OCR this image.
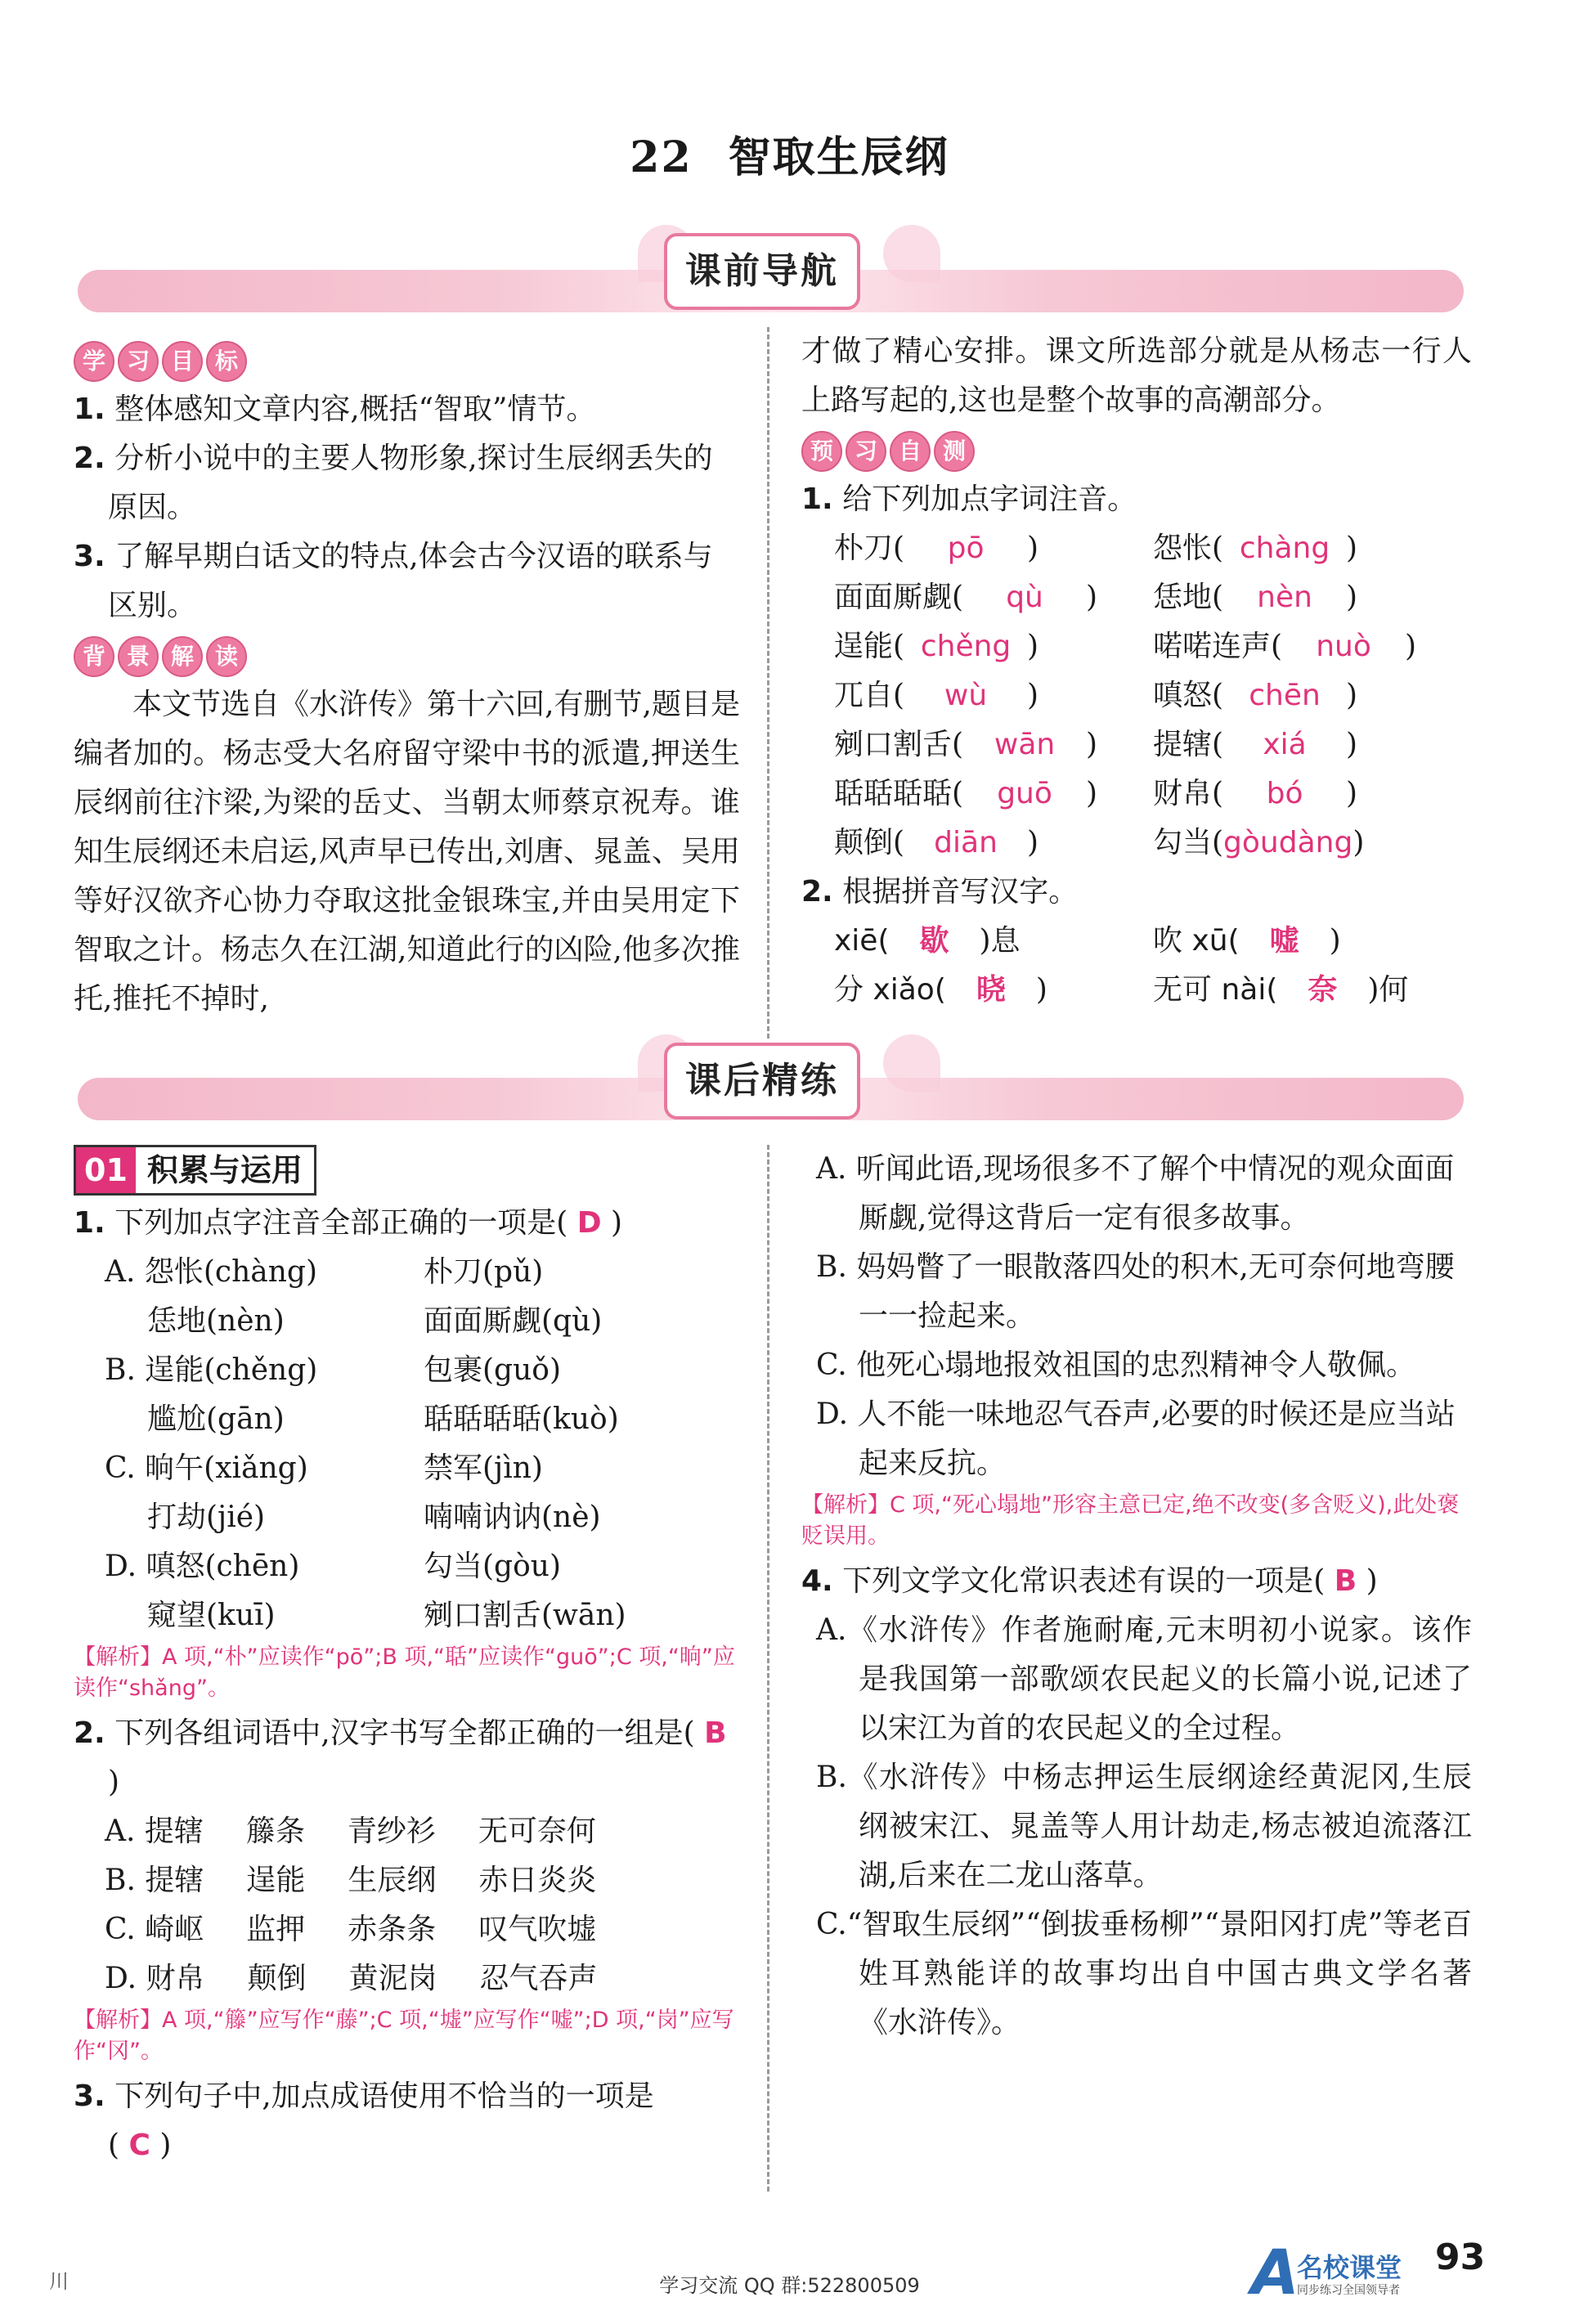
22 智取生辰纲
课前导航
学 习 目 标

1. 整体感知文章内容,概括“智取”情节。

2. 分析小说中的主要人物形象,探讨生辰纲丢失的原因。

3. 了解早期白话文的特点,体会古今汉语的联系与区别。

背 景 解 读

本文节选自《水浒传》第十六回,有删节,题目是编者加的。杨志受大名府留守梁中书的派遣,押送生辰纲前往汴梁,为梁的岳丈、当朝太师蔡京祝寿。谁知生辰纲还未启运,风声早已传出,刘唐、晁盖、吴用等好汉欲齐心协力夺取这批金银珠宝,并由吴用定下智取之计。杨志久在江湖,知道此行的凶险,他多次推托,推托不掉时,

才做了精心安排。课文所选部分就是从杨志一行人上路写起的,这也是整个故事的高潮部分。

预 习 自 测

1. 给下列加点字词注音。

朴刀( pō )	怨怅( chàng )
面面厮觑( qù )	恁地( nèn )
逞能( chěng )	喏喏连声( nuò )
兀自( wù )	嗔怒( chēn )
剜口割舌( wān )	提辖( xiá )
聒聒聒聒( guō )	财帛( bó )
颠倒( diān )	勾当(gòudàng)

2. 根据拼音写汉字。

xiē( 歇 )息	吹 xū( 嘘 )
分 xiǎo( 晓 )	无可 nài( 奈 )何
课后精练
01 积累与运用

1. 下列加点字注音全部正确的一项是( D )

A. 怨怅(chàng)	朴刀(pǔ)
恁地(nèn)	面面厮觑(qù)
B. 逞能(chěng)	包裹(guǒ)
尴尬(gān)	聒聒聒聒(kuò)
C. 晌午(xiǎng)	禁军(jìn)
打劫(jié)	喃喃讷讷(nè)
D. 嗔怒(chēn)	勾当(gòu)
窥望(kuī)	剜口割舌(wān)
【解析】A 项,“朴”应读作“pō”;B 项,“聒”应读作“guō”;C 项,“晌”应读作“shǎng”。

2. 下列各组词语中,汉字书写全都正确的一组是( B )

A. 提辖 籐条 青纱衫 无可奈何
B. 提辖 逞能 生辰纲 赤日炎炎
C. 崎岖 监押 赤条条 叹气吹墟
D. 财帛 颠倒 黄泥岗 忍气吞声
【解析】A 项,“籐”应写作“藤”;C 项,“墟”应写作“嘘”;D 项,“岗”应写作“冈”。

3. 下列句子中,加点成语使用不恰当的一项是

( C )

A. 听闻此语,现场很多不了解个中情况的观众面面厮觑,觉得这背后一定有很多故事。

B. 妈妈瞥了一眼散落四处的积木,无可奈何地弯腰一一捡起来。

C. 他死心塌地报效祖国的忠烈精神令人敬佩。

D. 人不能一味地忍气吞声,必要的时候还是应当站起来反抗。

【解析】C 项,“死心塌地”形容主意已定,绝不改变(多含贬义),此处褒贬误用。

4. 下列文学文化常识表述有误的一项是( B )

A.《水浒传》作者施耐庵,元末明初小说家。该作是我国第一部歌颂农民起义的长篇小说,记述了以宋江为首的农民起义的全过程。

B.《水浒传》中杨志押运生辰纲途经黄泥冈,生辰纲被宋江、晁盖等人用计劫走,杨志被迫流落江湖,后来在二龙山落草。

C.“智取生辰纲”“倒拔垂杨柳”“景阳冈打虎”等老百姓耳熟能详的故事均出自中国古典文学名著《水浒传》。

川	学习交流 QQ 群:522800509	A
名校课堂
同步练习全国领导者
93
